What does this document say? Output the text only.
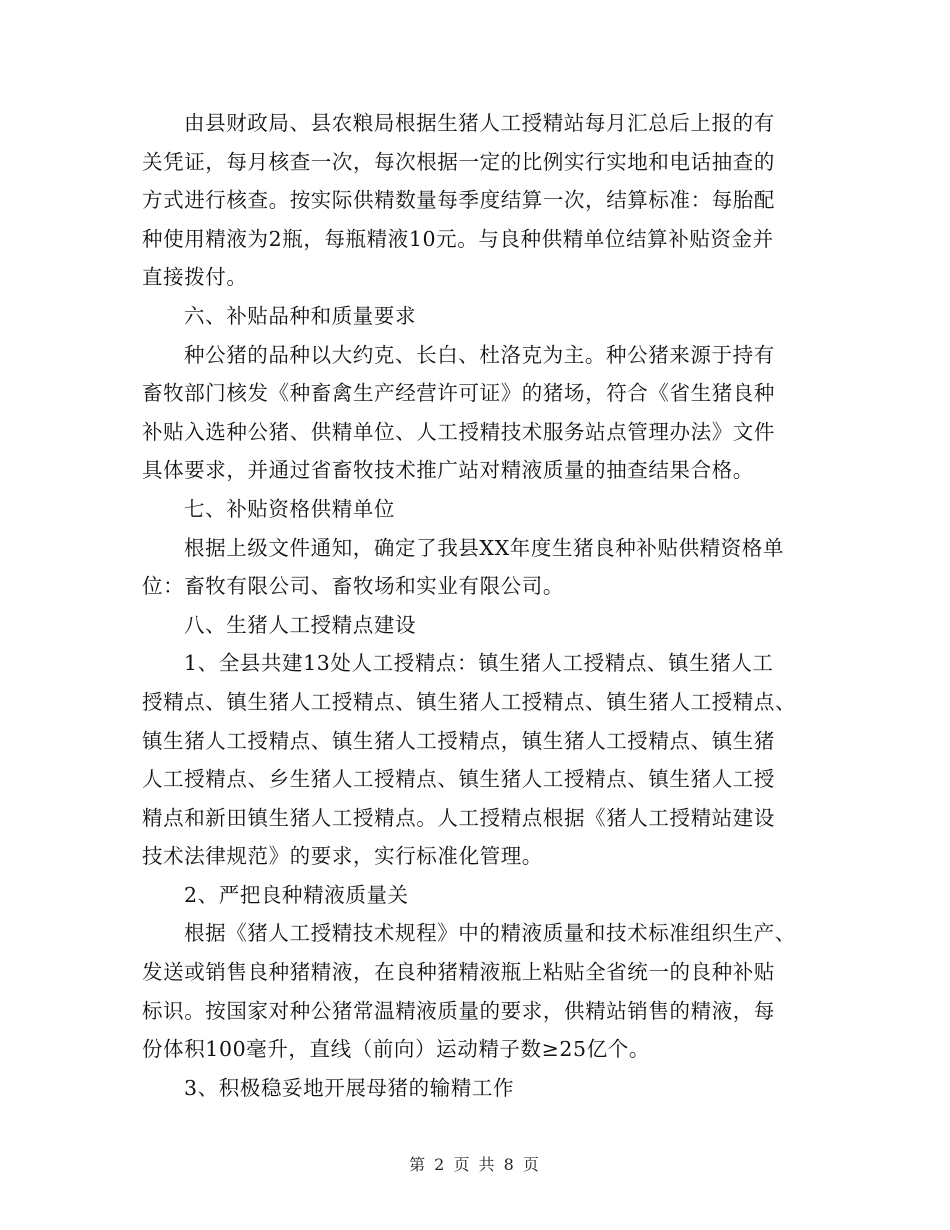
由县财政局、县农粮局根据生猪人工授精站每月汇总后上报的有
关凭证，每月核查一次，每次根据一定的比例实行实地和电话抽查的
方式进行核查。按实际供精数量每季度结算一次，结算标准：每胎配
种使用精液为2瓶，每瓶精液10元。与良种供精单位结算补贴资金并
直接拨付。
六、补贴品种和质量要求
种公猪的品种以大约克、长白、杜洛克为主。种公猪来源于持有
畜牧部门核发《种畜禽生产经营许可证》的猪场，符合《省生猪良种
补贴入选种公猪、供精单位、人工授精技术服务站点管理办法》文件
具体要求，并通过省畜牧技术推广站对精液质量的抽查结果合格。
七、补贴资格供精单位
根据上级文件通知，确定了我县XX年度生猪良种补贴供精资格单
位：畜牧有限公司、畜牧场和实业有限公司。
八、生猪人工授精点建设
1、全县共建13处人工授精点：镇生猪人工授精点、镇生猪人工
授精点、镇生猪人工授精点、镇生猪人工授精点、镇生猪人工授精点、
镇生猪人工授精点、镇生猪人工授精点，镇生猪人工授精点、镇生猪
人工授精点、乡生猪人工授精点、镇生猪人工授精点、镇生猪人工授
精点和新田镇生猪人工授精点。人工授精点根据《猪人工授精站建设
技术法律规范》的要求，实行标准化管理。
2、严把良种精液质量关
根据《猪人工授精技术规程》中的精液质量和技术标准组织生产、
发送或销售良种猪精液，在良种猪精液瓶上粘贴全省统一的良种补贴
标识。按国家对种公猪常温精液质量的要求，供精站销售的精液，每
份体积100毫升，直线（前向）运动精子数≥25亿个。
3、积极稳妥地开展母猪的输精工作
第 2 页 共 8 页
